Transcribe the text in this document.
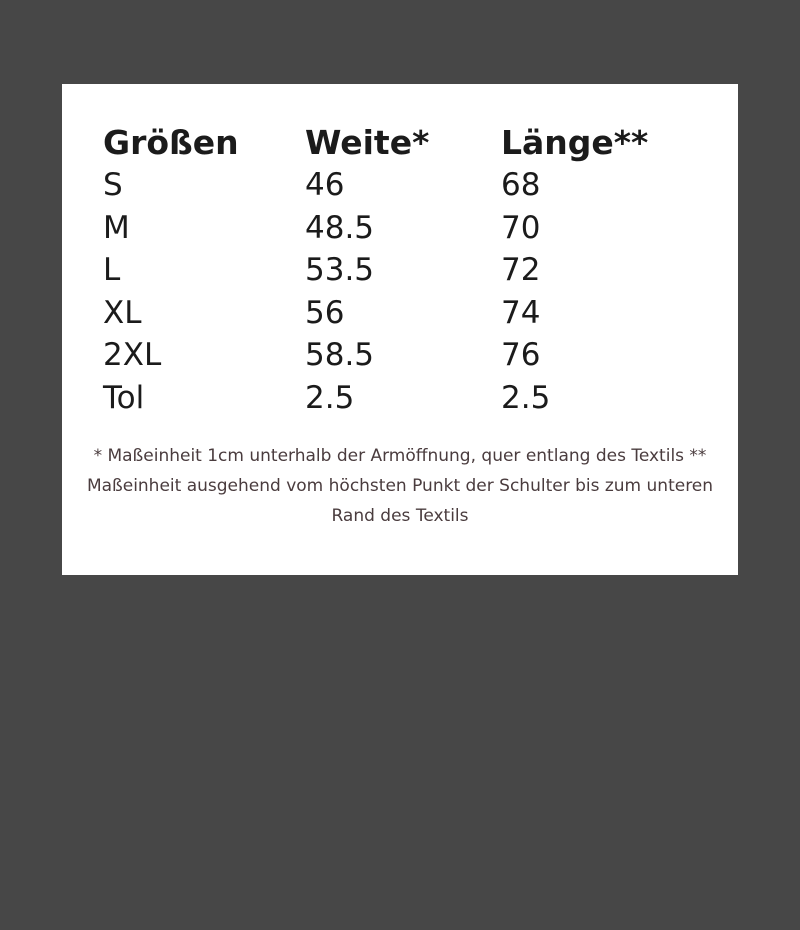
Größen	Weite*	Länge**
S	46	68
M	48.5	70
L	53.5	72
XL	56	74
2XL	58.5	76
Tol	2.5	2.5

* Maßeinheit 1cm unterhalb der Armöffnung, quer entlang des Textils ** Maßeinheit ausgehend vom höchsten Punkt der Schulter bis zum unteren Rand des Textils
